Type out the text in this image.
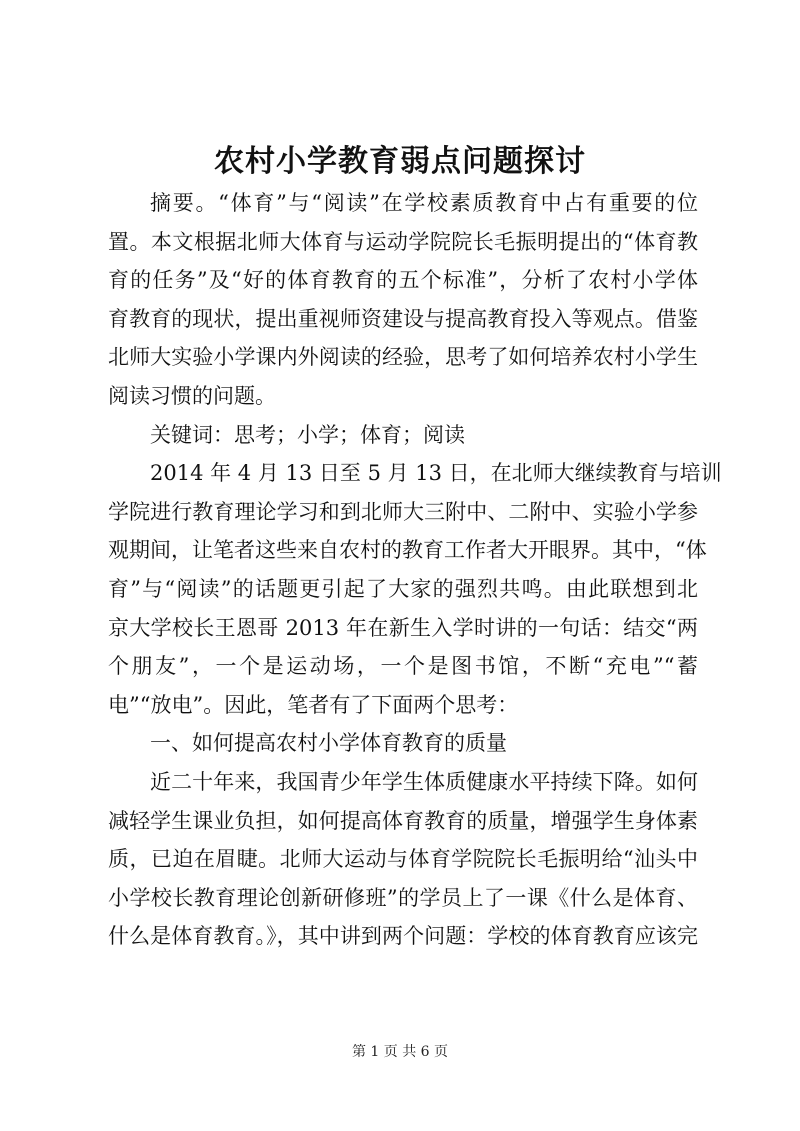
农村小学教育弱点问题探讨
摘要。“体育”与“阅读”在学校素质教育中占有重要的位
置。本文根据北师大体育与运动学院院长毛振明提出的“体育教
育的任务”及“好的体育教育的五个标准”，分析了农村小学体
育教育的现状，提出重视师资建设与提高教育投入等观点。借鉴
北师大实验小学课内外阅读的经验，思考了如何培养农村小学生
阅读习惯的问题。
关键词：思考；小学；体育；阅读
2014 年 4 月 13 日至 5 月 13 日，在北师大继续教育与培训
学院进行教育理论学习和到北师大三附中、二附中、实验小学参
观期间，让笔者这些来自农村的教育工作者大开眼界。其中，“体
育”与“阅读”的话题更引起了大家的强烈共鸣。由此联想到北
京大学校长王恩哥 2013 年在新生入学时讲的一句话：结交“两
个朋友”，一个是运动场，一个是图书馆，不断“充电”“蓄
电”“放电”。因此，笔者有了下面两个思考：
一、如何提高农村小学体育教育的质量
近二十年来，我国青少年学生体质健康水平持续下降。如何
减轻学生课业负担，如何提高体育教育的质量，增强学生身体素
质，已迫在眉睫。北师大运动与体育学院院长毛振明给“汕头中
小学校长教育理论创新研修班”的学员上了一课《什么是体育、
什么是体育教育。》，其中讲到两个问题：学校的体育教育应该完
第 1 页 共 6 页
